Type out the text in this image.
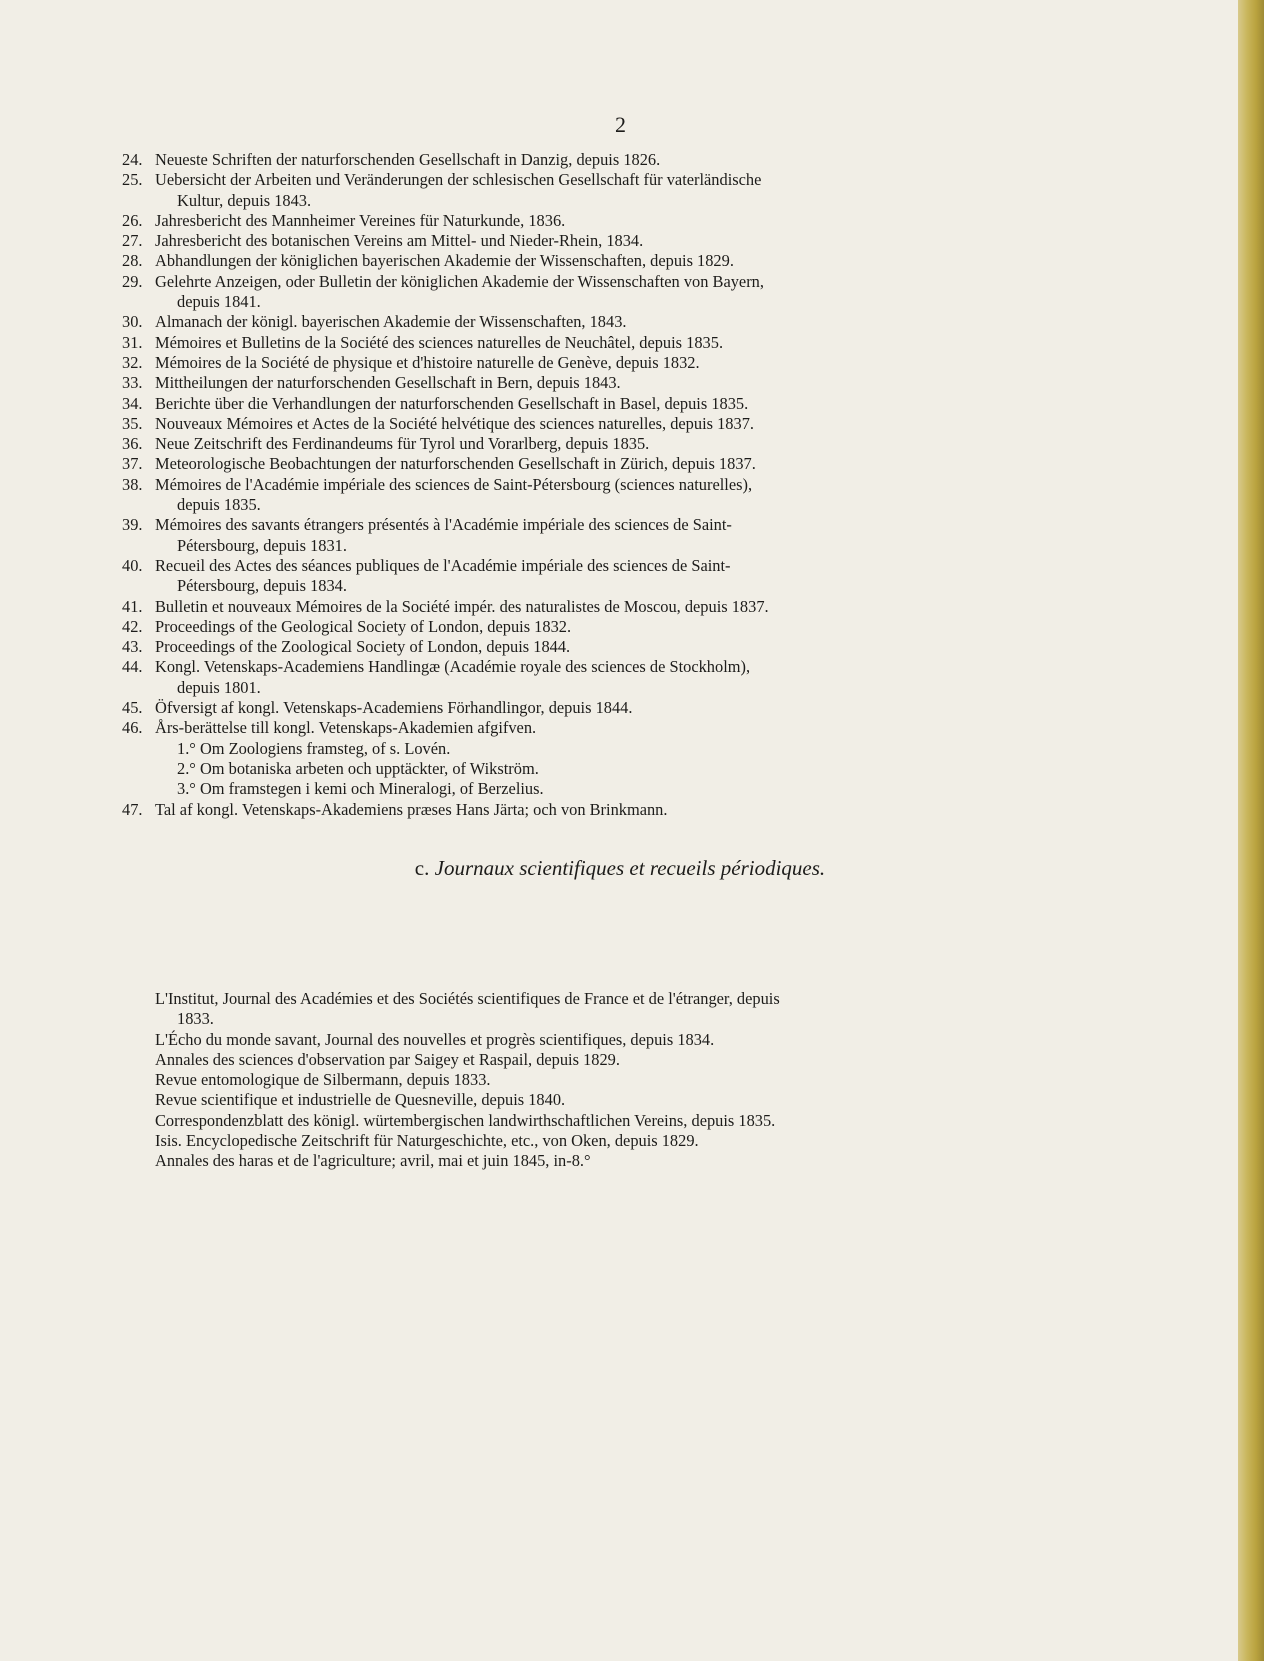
2
24. Neueste Schriften der naturforschenden Gesellschaft in Danzig, depuis 1826.
25. Uebersicht der Arbeiten und Veränderungen der schlesischen Gesellschaft für vaterländische
Kultur, depuis 1843.
26. Jahresbericht des Mannheimer Vereines für Naturkunde, 1836.
27. Jahresbericht des botanischen Vereins am Mittel- und Nieder-Rhein, 1834.
28. Abhandlungen der königlichen bayerischen Akademie der Wissenschaften, depuis 1829.
29. Gelehrte Anzeigen, oder Bulletin der königlichen Akademie der Wissenschaften von Bayern,
depuis 1841.
30. Almanach der königl. bayerischen Akademie der Wissenschaften, 1843.
31. Mémoires et Bulletins de la Société des sciences naturelles de Neuchâtel, depuis 1835.
32. Mémoires de la Société de physique et d'histoire naturelle de Genève, depuis 1832.
33. Mittheilungen der naturforschenden Gesellschaft in Bern, depuis 1843.
34. Berichte über die Verhandlungen der naturforschenden Gesellschaft in Basel, depuis 1835.
35. Nouveaux Mémoires et Actes de la Société helvétique des sciences naturelles, depuis 1837.
36. Neue Zeitschrift des Ferdinandeums für Tyrol und Vorarlberg, depuis 1835.
37. Meteorologische Beobachtungen der naturforschenden Gesellschaft in Zürich, depuis 1837.
38. Mémoires de l'Académie impériale des sciences de Saint-Pétersbourg (sciences naturelles),
depuis 1835.
39. Mémoires des savants étrangers présentés à l'Académie impériale des sciences de Saint-
Pétersbourg, depuis 1831.
40. Recueil des Actes des séances publiques de l'Académie impériale des sciences de Saint-
Pétersbourg, depuis 1834.
41. Bulletin et nouveaux Mémoires de la Société impér. des naturalistes de Moscou, depuis 1837.
42. Proceedings of the Geological Society of London, depuis 1832.
43. Proceedings of the Zoological Society of London, depuis 1844.
44. Kongl. Vetenskaps-Academiens Handlingæ (Académie royale des sciences de Stockholm),
depuis 1801.
45. Öfversigt af kongl. Vetenskaps-Academiens Förhandlingor, depuis 1844.
46. Års-berättelse till kongl. Vetenskaps-Akademien afgifven.
1.° Om Zoologiens framsteg, of s. Lovén.
2.° Om botaniska arbeten och upptäckter, of Wikström.
3.° Om framstegen i kemi och Mineralogi, of Berzelius.
47. Tal af kongl. Vetenskaps-Akademiens præses Hans Järta; och von Brinkmann.
c. Journaux scientifiques et recueils périodiques.
L'Institut, Journal des Académies et des Sociétés scientifiques de France et de l'étranger, depuis
1833.
L'Écho du monde savant, Journal des nouvelles et progrès scientifiques, depuis 1834.
Annales des sciences d'observation par Saigey et Raspail, depuis 1829.
Revue entomologique de Silbermann, depuis 1833.
Revue scientifique et industrielle de Quesneville, depuis 1840.
Correspondenzblatt des königl. würtembergischen landwirthschaftlichen Vereins, depuis 1835.
Isis. Encyclopedische Zeitschrift für Naturgeschichte, etc., von Oken, depuis 1829.
Annales des haras et de l'agriculture; avril, mai et juin 1845, in-8.°
